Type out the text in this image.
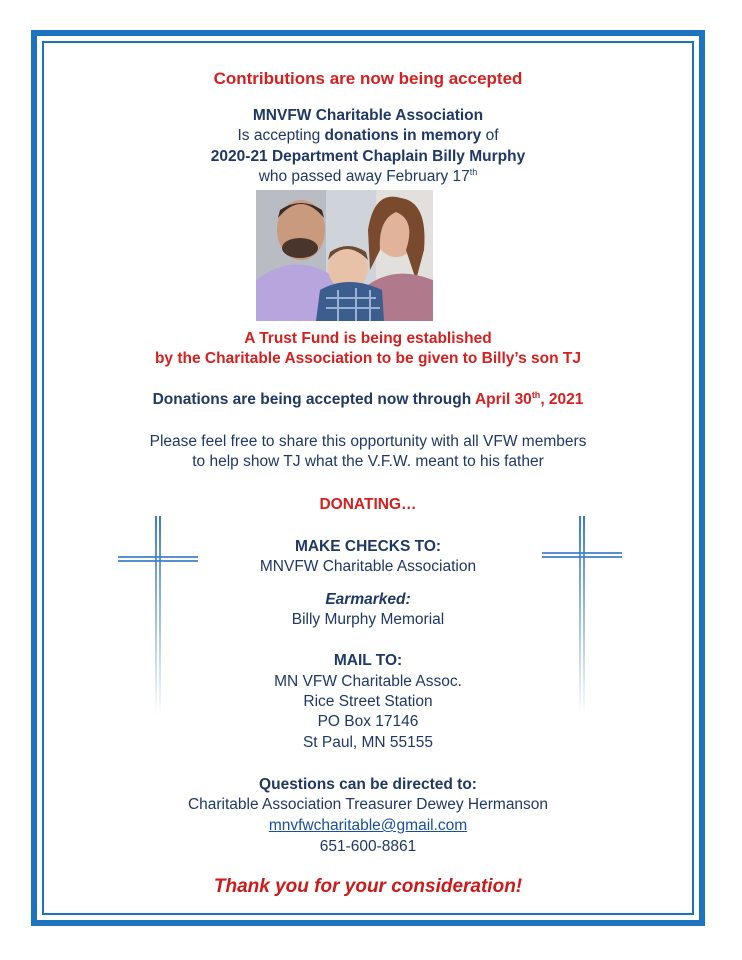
Contributions are now being accepted
MNVFW Charitable Association
Is accepting donations in memory of
2020-21 Department Chaplain Billy Murphy
who passed away February 17th
A Trust Fund is being established
by the Charitable Association to be given to Billy’s son TJ
Donations are being accepted now through April 30th, 2021
Please feel free to share this opportunity with all VFW members
to help show TJ what the V.F.W. meant to his father
DONATING…
MAKE CHECKS TO:
MNVFW Charitable Association
Earmarked:
Billy Murphy Memorial
MAIL TO:
MN VFW Charitable Assoc.
Rice Street Station
PO Box 17146
St Paul, MN 55155
Questions can be directed to:
Charitable Association Treasurer Dewey Hermanson
mnvfwcharitable@gmail.com
651-600-8861
Thank you for your consideration!
